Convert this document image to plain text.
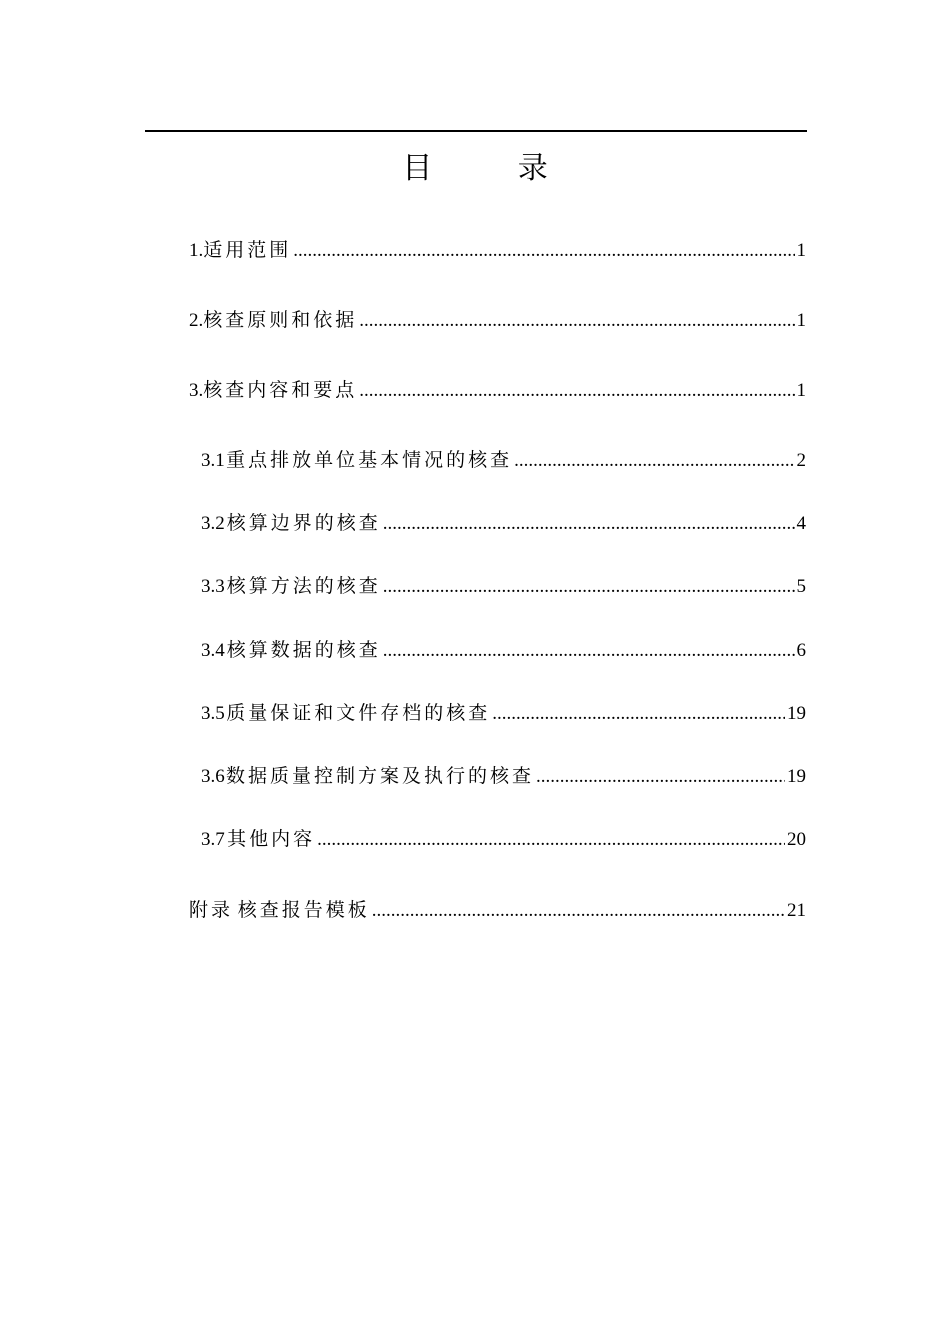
目 录
1. 适用范围 .....	1
2. 核查原则和依据 .....	1
3. 核查内容和要点 .....	1
3.1 重点排放单位基本情况的核查 .....	2
3.2 核算边界的核查 .....	4
3.3 核算方法的核查 .....	5
3.4 核算数据的核查 .....	6
3.5 质量保证和文件存档的核查 .....	19
3.6 数据质量控制方案及执行的核查 .....	19
3.7 其他内容 .....	20
附录 核查报告模板 .....	21
